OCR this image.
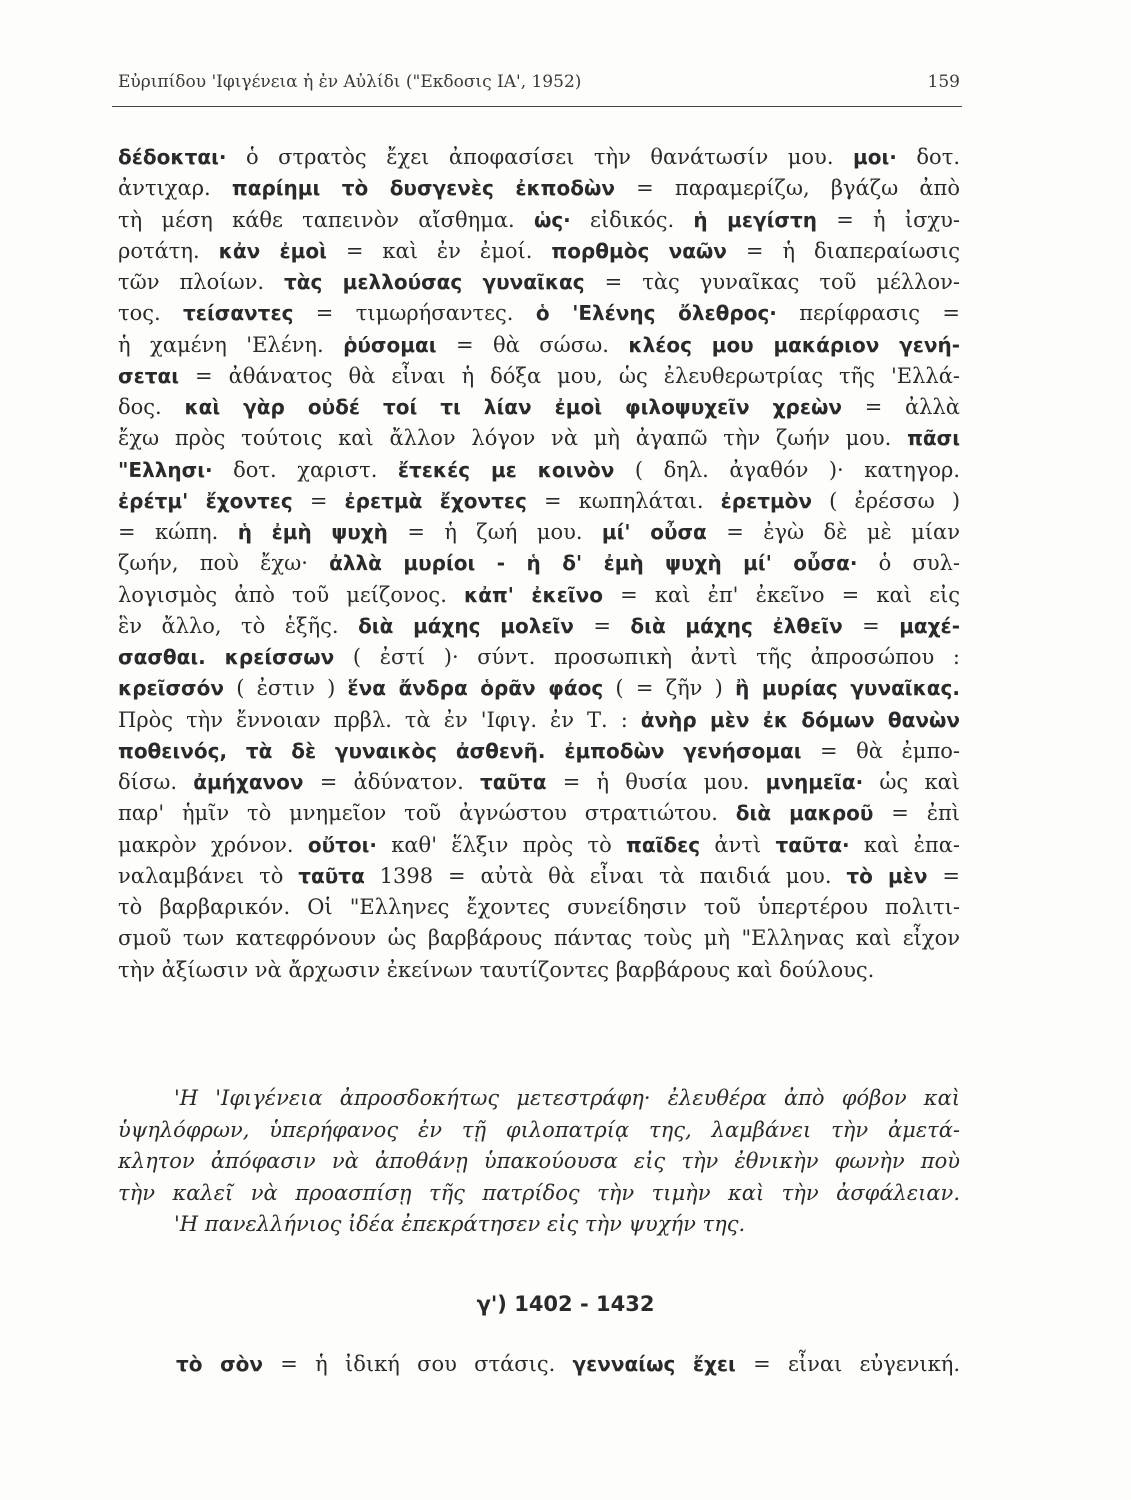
Εὐριπίδου 'Ιφιγένεια ἡ ἐν Αὐλίδι ("Εκδοσις ΙΑ', 1952)	159
δέδοκται· ὁ στρατὸς ἔχει ἀποφασίσει τὴν θανάτωσίν μου. μοι· δοτ.
ἀντιχαρ. παρίημι τὸ δυσγενὲς ἐκποδὼν = παραμερίζω, βγάζω ἀπὸ
τὴ μέση κάθε ταπεινὸν αἴσθημα. ὡς· εἰδικός. ἡ μεγίστη = ἡ ἰσχυ-
ροτάτη. κἀν ἐμοὶ = καὶ ἐν ἐμοί. πορθμὸς ναῶν = ἡ διαπεραίωσις
τῶν πλοίων. τὰς μελλούσας γυναῖκας = τὰς γυναῖκας τοῦ μέλλον-
τος. τείσαντες = τιμωρήσαντες. ὁ 'Ελένης ὄλεθρος· περίφρασις =
ἡ χαμένη 'Ελένη. ῥύσομαι = θὰ σώσω. κλέος μου μακάριον γενή-
σεται = ἀθάνατος θὰ εἶναι ἡ δόξα μου, ὡς ἐλευθερωτρίας τῆς 'Ελλά-
δος. καὶ γὰρ οὐδέ τοί τι λίαν ἐμοὶ φιλοψυχεῖν χρεὼν = ἀλλὰ
ἔχω πρὸς τούτοις καὶ ἄλλον λόγον νὰ μὴ ἀγαπῶ τὴν ζωήν μου. πᾶσι
"Ελλησι· δοτ. χαριστ. ἔτεκές με κοινὸν ( δηλ. ἀγαθόν )· κατηγορ.
ἐρέτμ' ἔχοντες = ἐρετμὰ ἔχοντες = κωπηλάται. ἐρετμὸν ( ἐρέσσω )
= κώπη. ἡ ἐμὴ ψυχὴ = ἡ ζωή μου. μί' οὖσα = ἐγὼ δὲ μὲ μίαν
ζωήν, ποὺ ἔχω· ἀλλὰ μυρίοι - ἡ δ' ἐμὴ ψυχὴ μί' οὖσα· ὁ συλ-
λογισμὸς ἀπὸ τοῦ μείζονος. κἀπ' ἐκεῖνο = καὶ ἐπ' ἐκεῖνο = καὶ εἰς
ἓν ἄλλο, τὸ ἑξῆς. διὰ μάχης μολεῖν = διὰ μάχης ἐλθεῖν = μαχέ-
σασθαι. κρείσσων ( ἐστί )· σύντ. προσωπικὴ ἀντὶ τῆς ἀπροσώπου :
κρεῖσσόν ( ἐστιν ) ἕνα ἄνδρα ὁρᾶν φάος ( = ζῆν ) ἢ μυρίας γυναῖκας.
Πρὸς τὴν ἔννοιαν πρβλ. τὰ ἐν 'Ιφιγ. ἐν Τ. : ἀνὴρ μὲν ἐκ δόμων θανὼν
ποθεινός, τὰ δὲ γυναικὸς ἀσθενῆ. ἐμποδὼν γενήσομαι = θὰ ἐμπο-
δίσω. ἀμήχανον = ἀδύνατον. ταῦτα = ἡ θυσία μου. μνημεῖα· ὡς καὶ
παρ' ἡμῖν τὸ μνημεῖον τοῦ ἀγνώστου στρατιώτου. διὰ μακροῦ = ἐπὶ
μακρὸν χρόνον. οὔτοι· καθ' ἕλξιν πρὸς τὸ παῖδες ἀντὶ ταῦτα· καὶ ἐπα-
ναλαμβάνει τὸ ταῦτα 1398 = αὐτὰ θὰ εἶναι τὰ παιδιά μου. τὸ μὲν =
τὸ βαρβαρικόν. Οἱ "Ελληνες ἔχοντες συνείδησιν τοῦ ὑπερτέρου πολιτι-
σμοῦ των κατεφρόνουν ὡς βαρβάρους πάντας τοὺς μὴ "Ελληνας καὶ εἶχον
τὴν ἀξίωσιν νὰ ἄρχωσιν ἐκείνων ταυτίζοντες βαρβάρους καὶ δούλους.
'Η 'Ιφιγένεια ἀπροσδοκήτως μετεστράφη· ἐλευθέρα ἀπὸ φόβον καὶ
ὑψηλόφρων, ὑπερήφανος ἐν τῇ φιλοπατρίᾳ της, λαμβάνει τὴν ἀμετά-
κλητον ἀπόφασιν νὰ ἀποθάνῃ ὑπακούουσα εἰς τὴν ἐθνικὴν φωνὴν ποὺ
τὴν καλεῖ νὰ προασπίσῃ τῆς πατρίδος τὴν τιμὴν καὶ τὴν ἀσφάλειαν.
'Η πανελλήνιος ἰδέα ἐπεκράτησεν εἰς τὴν ψυχήν της.
γ') 1402 - 1432
τὸ σὸν = ἡ ἰδική σου στάσις. γενναίως ἔχει = εἶναι εὐγενική.
